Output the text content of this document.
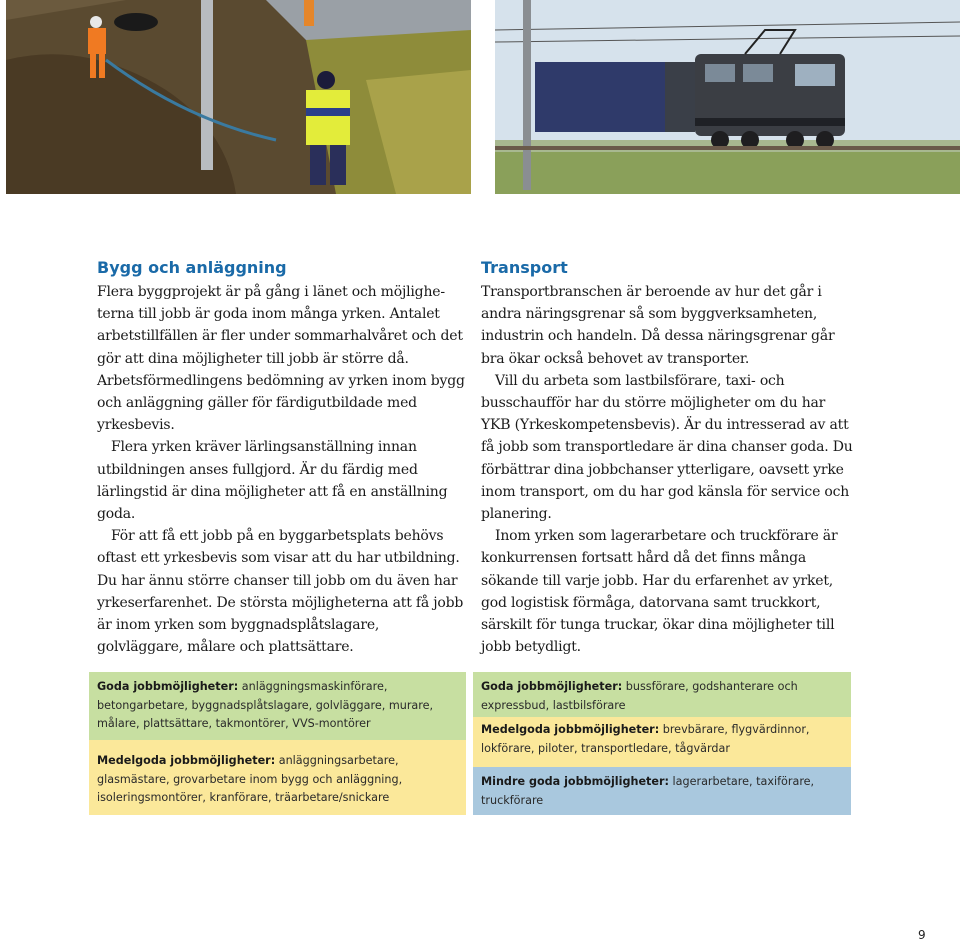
Bygg och anläggning

Flera byggprojekt är på gång i länet och möjligheterna till jobb är goda inom många yrken. Antalet arbetstillfällen är fler under sommarhalvåret och det gör att dina möjligheter till jobb är större då. Arbetsförmedlingens bedömning av yrken inom bygg och anläggning gäller för färdigutbildade med yrkesbevis.

Flera yrken kräver lärlingsanställning innan utbildningen anses fullgjord. Är du färdig med lärlingstid är dina möjligheter att få en anställning goda.

För att få ett jobb på en byggarbetsplats behövs oftast ett yrkesbevis som visar att du har utbildning. Du har ännu större chanser till jobb om du även har yrkeserfarenhet. De största möjligheterna att få jobb är inom yrken som byggnadsplåtslagare, golvläggare, målare och plattsättare.

Transport

Transportbranschen är beroende av hur det går i andra näringsgrenar så som byggverksamheten, industrin och handeln. Då dessa näringsgrenar går bra ökar också behovet av transporter.

Vill du arbeta som lastbilsförare, taxi- och busschaufför har du större möjligheter om du har YKB (Yrkeskompetensbevis). Är du intresserad av att få jobb som transportledare är dina chanser goda. Du förbättrar dina jobbchanser ytterligare, oavsett yrke inom transport, om du har god känsla för service och planering.

Inom yrken som lagerarbetare och truckförare är konkurrensen fortsatt hård då det finns många sökande till varje jobb. Har du erfarenhet av yrket, god logistisk förmåga, datorvana samt truckkort, särskilt för tunga truckar, ökar dina möjligheter till jobb betydligt.

Goda jobbmöjligheter: anläggningsmaskinförare, betongarbetare, byggnadsplåtslagare, golvläggare, murare, målare, plattsättare, takmontörer, VVS-montörer
Medelgoda jobbmöjligheter: anläggningsarbetare, glasmästare, grovarbetare inom bygg och anläggning, isoleringsmontörer, kranförare, träarbetare/snickare
Goda jobbmöjligheter: bussförare, godshanterare och expressbud, lastbilsförare
Medelgoda jobbmöjligheter: brevbärare, flygvärdinnor, lokförare, piloter, transportledare, tågvärdar
Mindre goda jobbmöjligheter: lagerarbetare, taxiförare, truckförare
9
